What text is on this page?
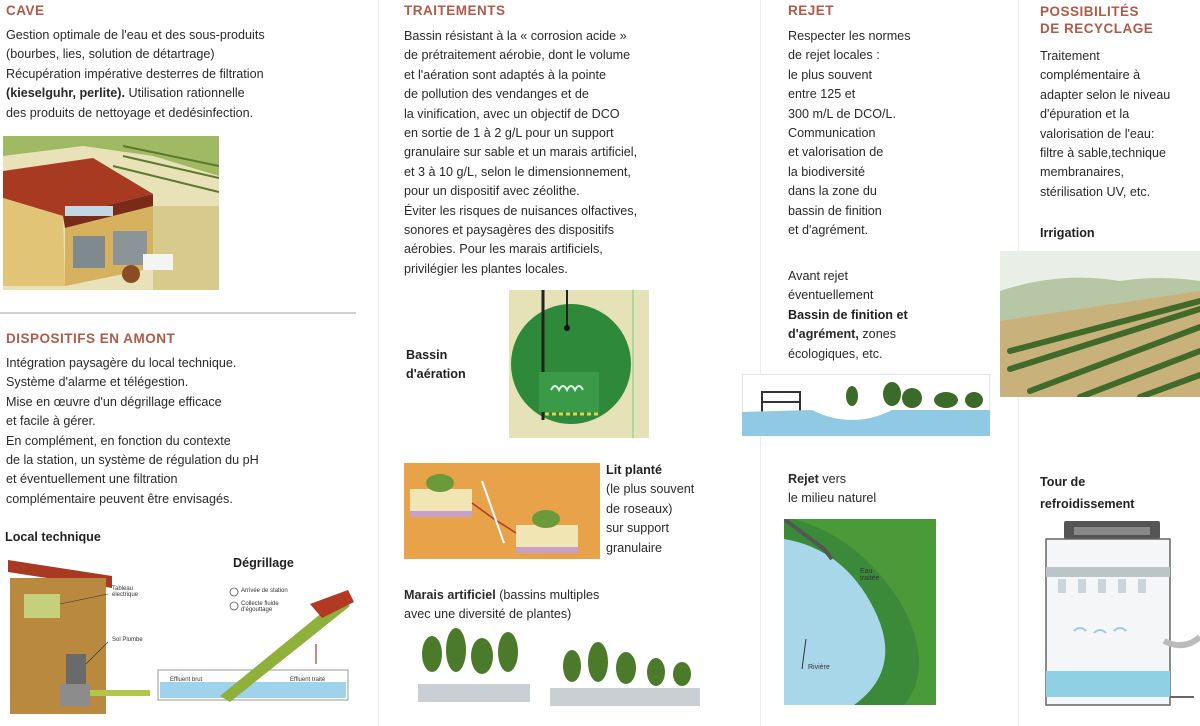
CAVE
Gestion optimale de l'eau et des sous-produits
(bourbes, lies, solution de détartrage)
Récupération impérative desterres de filtration
(kieselguhr, perlite). Utilisation rationnelle
des produits de nettoyage et dedésinfection.
DISPOSITIFS EN AMONT
Intégration paysagère du local technique.
Système d'alarme et télégestion.
Mise en œuvre d'un dégrillage efficace
et facile à gérer.
En complément, en fonction du contexte
de la station, un système de régulation du pH
et éventuellement une filtration
complémentaire peuvent être envisagés.
Local technique
Dégrillage
Tableau électrique
Sol Plumbe
Arrivée de station
Collecte fluide d'égouttage
Effluent brut	Effluent traité
TRAITEMENTS
Bassin résistant à la « corrosion acide »
de prétraitement aérobie, dont le volume
et l'aération sont adaptés à la pointe
de pollution des vendanges et de
la vinification, avec un objectif de DCO
en sortie de 1 à 2 g/L pour un support
granulaire sur sable et un marais artificiel,
et 3 à 10 g/L, selon le dimensionnement,
pour un dispositif avec zéolithe.
Éviter les risques de nuisances olfactives,
sonores et paysagères des dispositifs
aérobies. Pour les marais artificiels,
privilégier les plantes locales.
Bassin
d'aération
Lit planté
(le plus souvent
de roseaux)
sur support
granulaire
Marais artificiel (bassins multiples
avec une diversité de plantes)
REJET
Respecter les normes
de rejet locales :
le plus souvent
entre 125 et
300 m/L de DCO/L.
Communication
et valorisation de
la biodiversité
dans la zone du
bassin de finition
et d'agrément.
Avant rejet
éventuellement
Bassin de finition et
d'agrément, zones
écologiques, etc.
Rejet vers
le milieu naturel
Eau
traitée
Rivière
POSSIBILITÉS
DE RECYCLAGE
Traitement
complémentaire à
adapter selon le niveau
d'épuration et la
valorisation de l'eau:
filtre à sable,technique
membranaires,
stérilisation UV, etc.
Irrigation
Tour de
refroidissement
